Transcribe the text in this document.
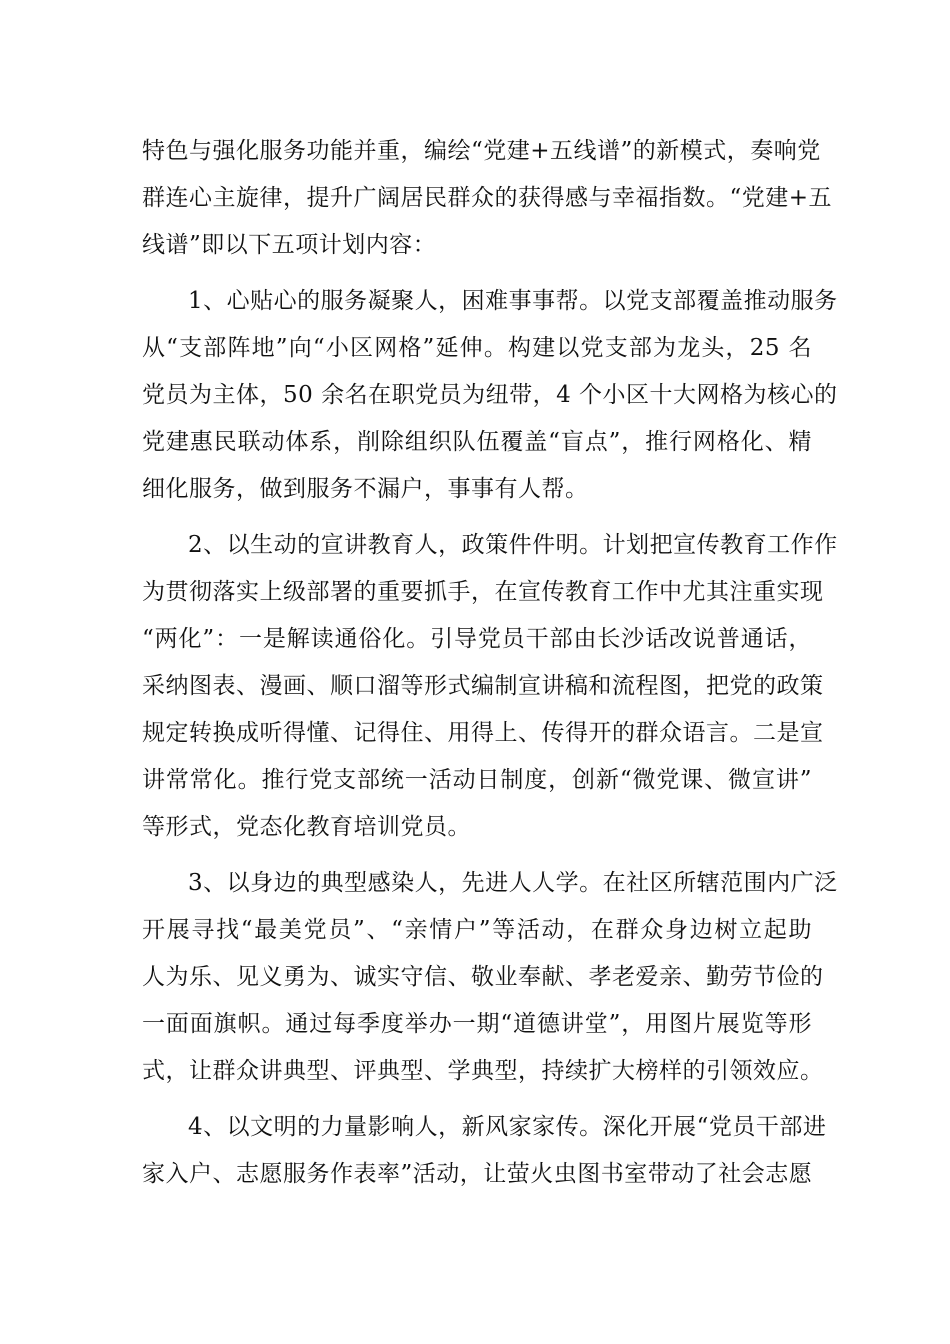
特色与强化服务功能并重，编绘“党建+五线谱”的新模式，奏响党
群连心主旋律，提升广阔居民群众的获得感与幸福指数。“党建+五
线谱”即以下五项计划内容：
1、心贴心的服务凝聚人，困难事事帮。以党支部覆盖推动服务
从“支部阵地”向“小区网格”延伸。构建以党支部为龙头，25 名
党员为主体，50 余名在职党员为纽带，4 个小区十大网格为核心的
党建惠民联动体系，削除组织队伍覆盖“盲点”，推行网格化、精
细化服务，做到服务不漏户，事事有人帮。
2、以生动的宣讲教育人，政策件件明。计划把宣传教育工作作
为贯彻落实上级部署的重要抓手，在宣传教育工作中尤其注重实现
“两化”：一是解读通俗化。引导党员干部由长沙话改说普通话，
采纳图表、漫画、顺口溜等形式编制宣讲稿和流程图，把党的政策
规定转换成听得懂、记得住、用得上、传得开的群众语言。二是宣
讲常常化。推行党支部统一活动日制度，创新“微党课、微宣讲”
等形式，党态化教育培训党员。
3、以身边的典型感染人，先进人人学。在社区所辖范围内广泛
开展寻找“最美党员”、“亲情户”等活动，在群众身边树立起助
人为乐、见义勇为、诚实守信、敬业奉献、孝老爱亲、勤劳节俭的
一面面旗帜。通过每季度举办一期“道德讲堂”，用图片展览等形
式，让群众讲典型、评典型、学典型，持续扩大榜样的引领效应。
4、以文明的力量影响人，新风家家传。深化开展“党员干部进
家入户、志愿服务作表率”活动，让萤火虫图书室带动了社会志愿
